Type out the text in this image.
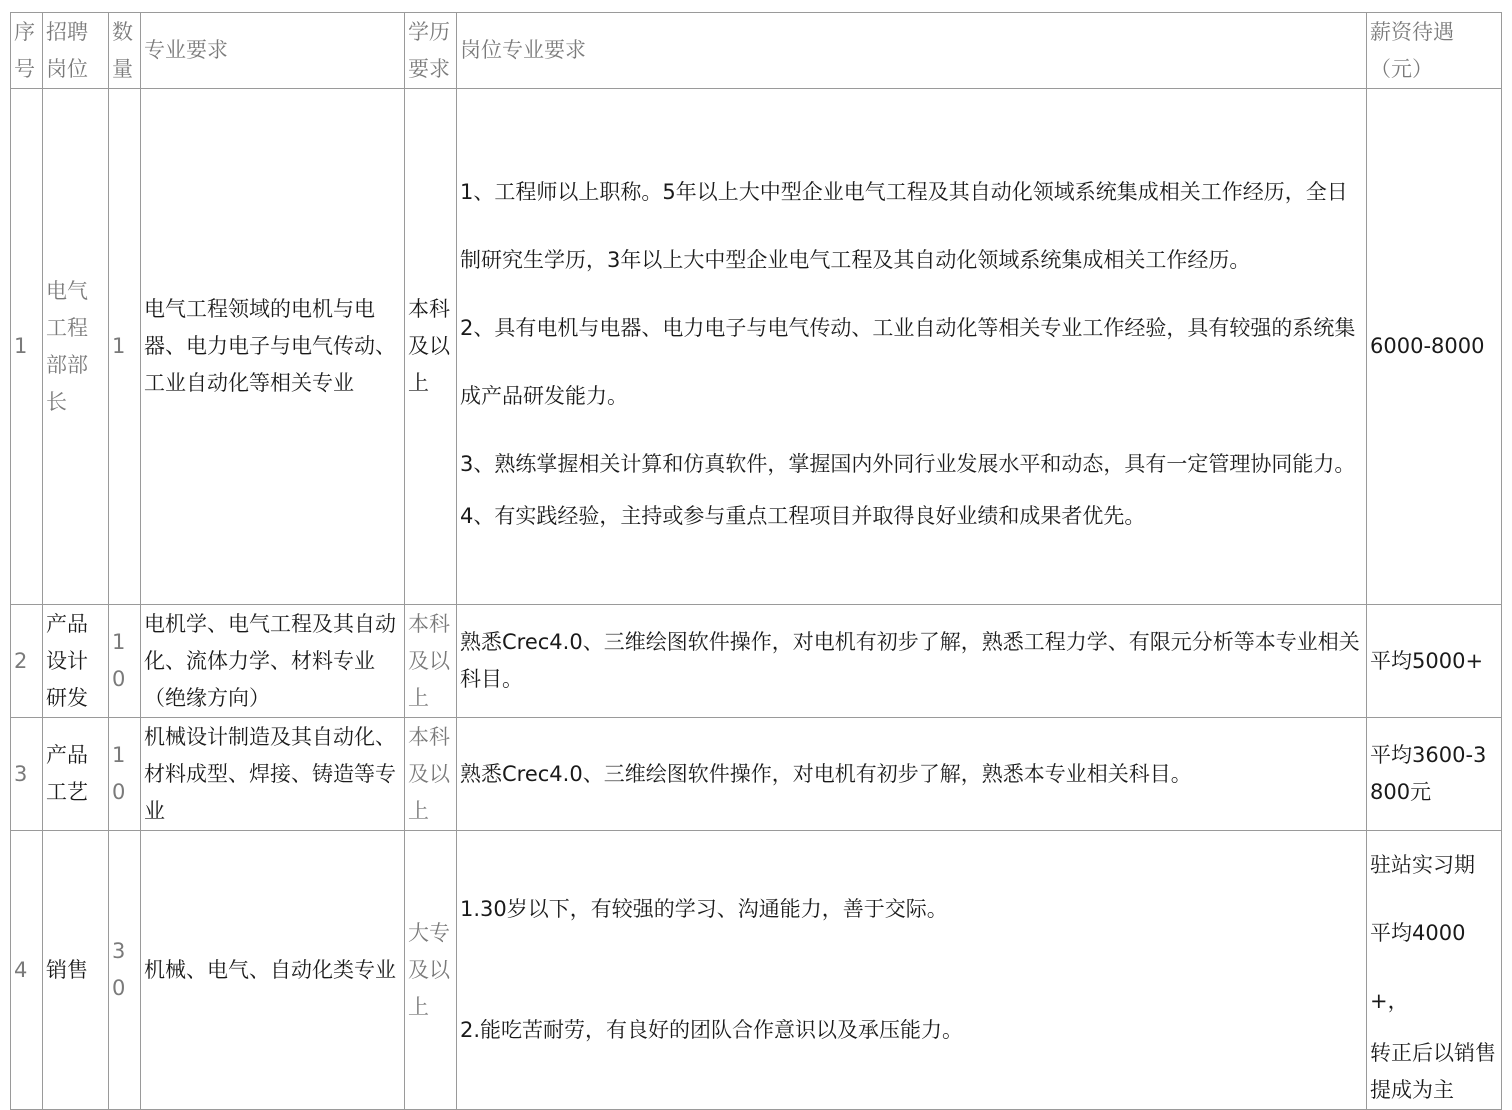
序号	招聘岗位	数量	专业要求	学历要求	岗位专业要求	薪资待遇（元）
1	电气工程部部长	1	电气工程领域的电机与电器、电力电子与电气传动、工业自动化等相关专业	本科及以上	1、工程师以上职称。5年以上大中型企业电气工程及其自动化领域系统集成相关工作经历，全日制研究生学历，3年以上大中型企业电气工程及其自动化领域系统集成相关工作经历。
2、具有电机与电器、电力电子与电气传动、工业自动化等相关专业工作经验，具有较强的系统集成产品研发能力。
3、熟练掌握相关计算和仿真软件，掌握国内外同行业发展水平和动态，具有一定管理协同能力。
4、有实践经验，主持或参与重点工程项目并取得良好业绩和成果者优先。	6000-8000
2	产品设计研发	10	电机学、电气工程及其自动化、流体力学、材料专业（绝缘方向）	本科及以上	熟悉Crec4.0、三维绘图软件操作，对电机有初步了解，熟悉工程力学、有限元分析等本专业相关科目。	平均5000+
3	产品工艺	10	机械设计制造及其自动化、材料成型、焊接、铸造等专业	本科及以上	熟悉Crec4.0、三维绘图软件操作，对电机有初步了解，熟悉本专业相关科目。	平均3600-3800元
4	销售	30	机械、电气、自动化类专业	大专及以上	1.30岁以下，有较强的学习、沟通能力，善于交际。
2.能吃苦耐劳，有良好的团队合作意识以及承压能力。	驻站实习期
平均4000+，
转正后以销售提成为主
